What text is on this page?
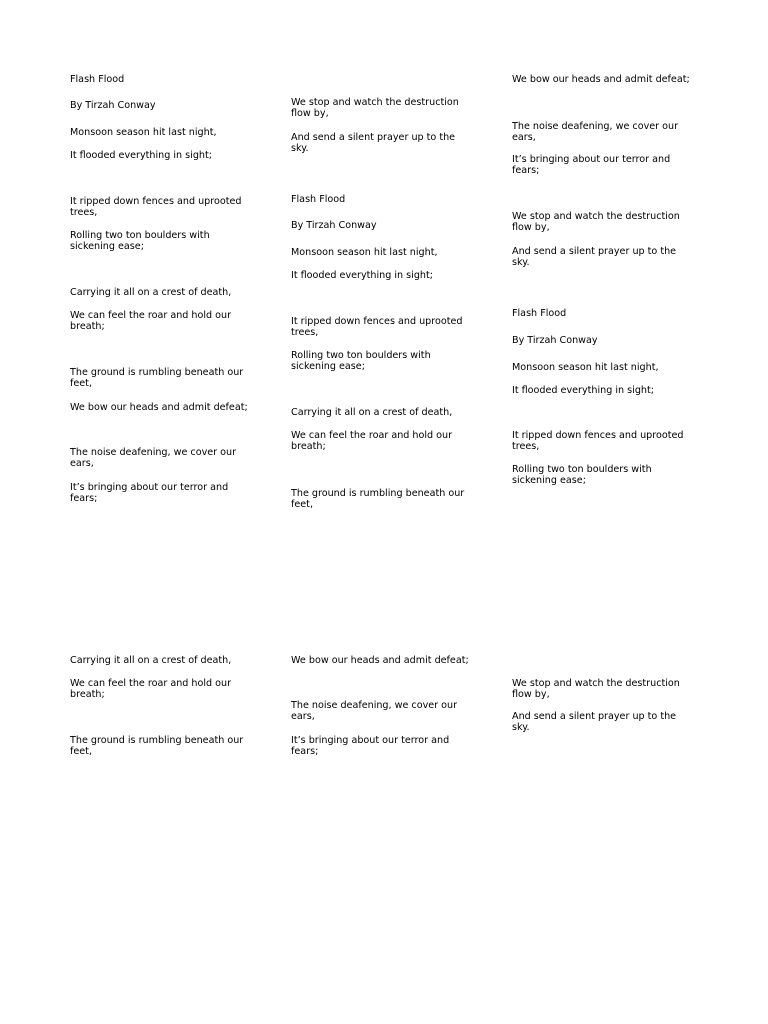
Flash Flood

By Tirzah Conway

Monsoon season hit last night,

It flooded everything in sight;

It ripped down fences and uprooted
trees,

Rolling two ton boulders with
sickening ease;

Carrying it all on a crest of death,

We can feel the roar and hold our
breath;

The ground is rumbling beneath our
feet,

We bow our heads and admit defeat;

The noise deafening, we cover our
ears,

It’s bringing about our terror and
fears;

We stop and watch the destruction
flow by,

And send a silent prayer up to the
sky.

Flash Flood

By Tirzah Conway

Monsoon season hit last night,

It flooded everything in sight;

It ripped down fences and uprooted
trees,

Rolling two ton boulders with
sickening ease;

Carrying it all on a crest of death,

We can feel the roar and hold our
breath;

The ground is rumbling beneath our
feet,

We bow our heads and admit defeat;

The noise deafening, we cover our
ears,

It’s bringing about our terror and
fears;

We stop and watch the destruction
flow by,

And send a silent prayer up to the
sky.

Flash Flood

By Tirzah Conway

Monsoon season hit last night,

It flooded everything in sight;

It ripped down fences and uprooted
trees,

Rolling two ton boulders with
sickening ease;

Carrying it all on a crest of death,

We can feel the roar and hold our
breath;

The ground is rumbling beneath our
feet,

We bow our heads and admit defeat;

The noise deafening, we cover our
ears,

It’s bringing about our terror and
fears;

We stop and watch the destruction
flow by,

And send a silent prayer up to the
sky.
